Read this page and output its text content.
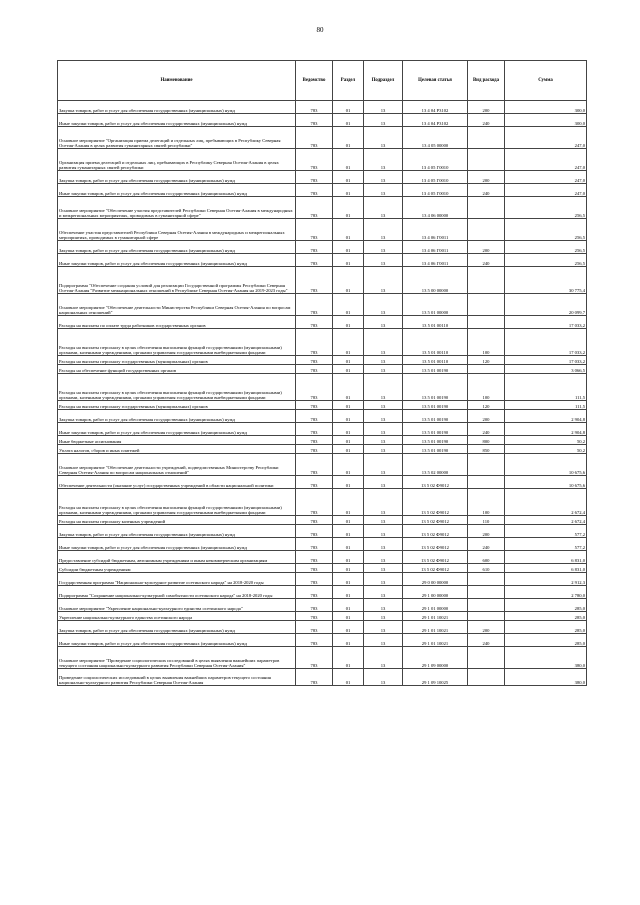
80
Наименование	Ведомство	Раздел	Подраздел	Целевая статья	Вид расхода	Сумма
Закупка товаров, работ и услуг для обеспечения государственных (муниципальных) нужд	783	01	13	13 4 04 Р3102	200	300,0
Иные закупки товаров, работ и услуг для обеспечения государственных (муниципальных) нужд	783	01	13	13 4 04 Р3102	240	300,0
Основное мероприятие "Организация приема делегаций и отдельных лиц, пребывающих в Республику Северная Осетия-Алания в целях развития гуманитарных связей республики"	783	01	13	13 4 05 00000		247,0
Организация приема делегаций и отдельных лиц, пребывающих в Республику Северная Осетия-Алания в целях развития гуманитарных связей республики	783	01	13	13 4 05 Г0010		247,0
Закупка товаров, работ и услуг для обеспечения государственных (муниципальных) нужд	783	01	13	13 4 05 Г0010	200	247,0
Иные закупки товаров, работ и услуг для обеспечения государственных (муниципальных) нужд	783	01	13	13 4 05 Г0010	240	247,0
Основное мероприятие "Обеспечение участия представителей Республики Северная Осетия-Алания в международных и межрегиональных мероприятиях, проводимых в гуманитарной сфере"	783	01	13	13 4 06 00000		256,5
Обеспечение участия представителей Республики Северная Осетия-Алания в международных и межрегиональных мероприятиях, проводимых в гуманитарной сфере	783	01	13	13 4 06 Г0011		256,5
Закупка товаров, работ и услуг для обеспечения государственных (муниципальных) нужд	783	01	13	13 4 06 Г0011	200	256,5
Иные закупки товаров, работ и услуг для обеспечения государственных (муниципальных) нужд	783	01	13	13 4 06 Г0011	240	256,5
Подпрограмма "Обеспечение создания условий для реализации Государственной программы Республики Северная Осетия-Алания "Развитие межнациональных отношений в Республике Северная Осетия-Алания на 2019-2023 годы"	783	01	13	13 5 00 00000		30 775,4
Основное мероприятие "Обеспечение деятельности Министерства Республики Северная Осетия-Алания по вопросам национальных отношений"	783	01	13	13 5 01 00000		20 099,7
Расходы на выплаты по оплате труда работников государственных органов	783	01	13	13 5 01 00110		17 033,2
Расходы на выплаты персоналу в целях обеспечения выполнения функций государственными (муниципальными) органами, казенными учреждениями, органами управления государственными внебюджетными фондами	783	01	13	13 5 01 00110	100	17 033,2
Расходы на выплаты персоналу государственных (муниципальных) органов	783	01	13	13 5 01 00110	120	17 033,2
Расходы на обеспечение функций государственных органов	783	01	13	13 5 01 00190		3 066,5
Расходы на выплаты персоналу в целях обеспечения выполнения функций государственными (муниципальными) органами, казенными учреждениями, органами управления государственными внебюджетными фондами	783	01	13	13 5 01 00190	100	111,5
Расходы на выплаты персоналу государственных (муниципальных) органов	783	01	13	13 5 01 00190	120	111,5
Закупка товаров, работ и услуг для обеспечения государственных (муниципальных) нужд	783	01	13	13 5 01 00190	200	2 904,8
Иные закупки товаров, работ и услуг для обеспечения государственных (муниципальных) нужд	783	01	13	13 5 01 00190	240	2 904,8
Иные бюджетные ассигнования	783	01	13	13 5 01 00190	800	50,2
Уплата налогов, сборов и иных платежей	783	01	13	13 5 01 00190	850	50,2
Основное мероприятие "Обеспечение деятельности учреждений, подведомственных Министерству Республики Северная Осетия-Алания по вопросам национальных отношений"	783	01	13	13 5 02 00000		10 675,6
Обеспечение деятельности (оказание услуг) государственных учреждений в области национальной политики	783	01	13	13 5 02 Ф9012		10 675,6
Расходы на выплаты персоналу в целях обеспечения выполнения функций государственными (муниципальными) органами, казенными учреждениями, органами управления государственными внебюджетными фондами	783	01	13	13 5 02 Ф9012	100	2 672,4
Расходы на выплаты персоналу казенных учреждений	783	01	13	13 5 02 Ф9012	110	2 672,4
Закупка товаров, работ и услуг для обеспечения государственных (муниципальных) нужд	783	01	13	13 5 02 Ф9012	200	577,2
Иные закупки товаров, работ и услуг для обеспечения государственных (муниципальных) нужд	783	01	13	13 5 02 Ф9012	240	577,2
Предоставление субсидий бюджетным, автономным учреждениям и иным некоммерческим организациям	783	01	13	13 5 02 Ф9012	600	6 831,0
Субсидии бюджетным учреждениям	783	01	13	13 5 02 Ф9012	610	6 831,0
Государственная программа "Национально-культурное развитие осетинского народа" на 2018-2020 годы	783	01	13	29 0 00 00000		2 912,3
Подпрограмма "Сохранение национально-культурной самобытности осетинского народа" на 2018-2020 годы	783	01	13	29 1 00 00000		2 780,0
Основное мероприятие "Укрепление национально-культурного единства осетинского народа"	783	01	13	29 1 01 00000		285,0
Укрепление национально-культурного единства осетинского народа	783	01	13	29 1 01 10021		285,0
Закупка товаров, работ и услуг для обеспечения государственных (муниципальных) нужд	783	01	13	29 1 01 10021	200	285,0
Иные закупки товаров, работ и услуг для обеспечения государственных (муниципальных) нужд	783	01	13	29 1 01 10021	240	285,0
Основное мероприятие "Проведение социологических исследований в целях выявления важнейших параметров текущего состояния национально-культурного развития Республики Северная Осетия-Алания"	783	01	13	29 1 09 00000		380,0
Проведение социологических исследований в целях выявления важнейших параметров текущего состояния национально-культурного развития Республики Северная Осетия-Алания	783	01	13	29 1 09 10025		380,0
